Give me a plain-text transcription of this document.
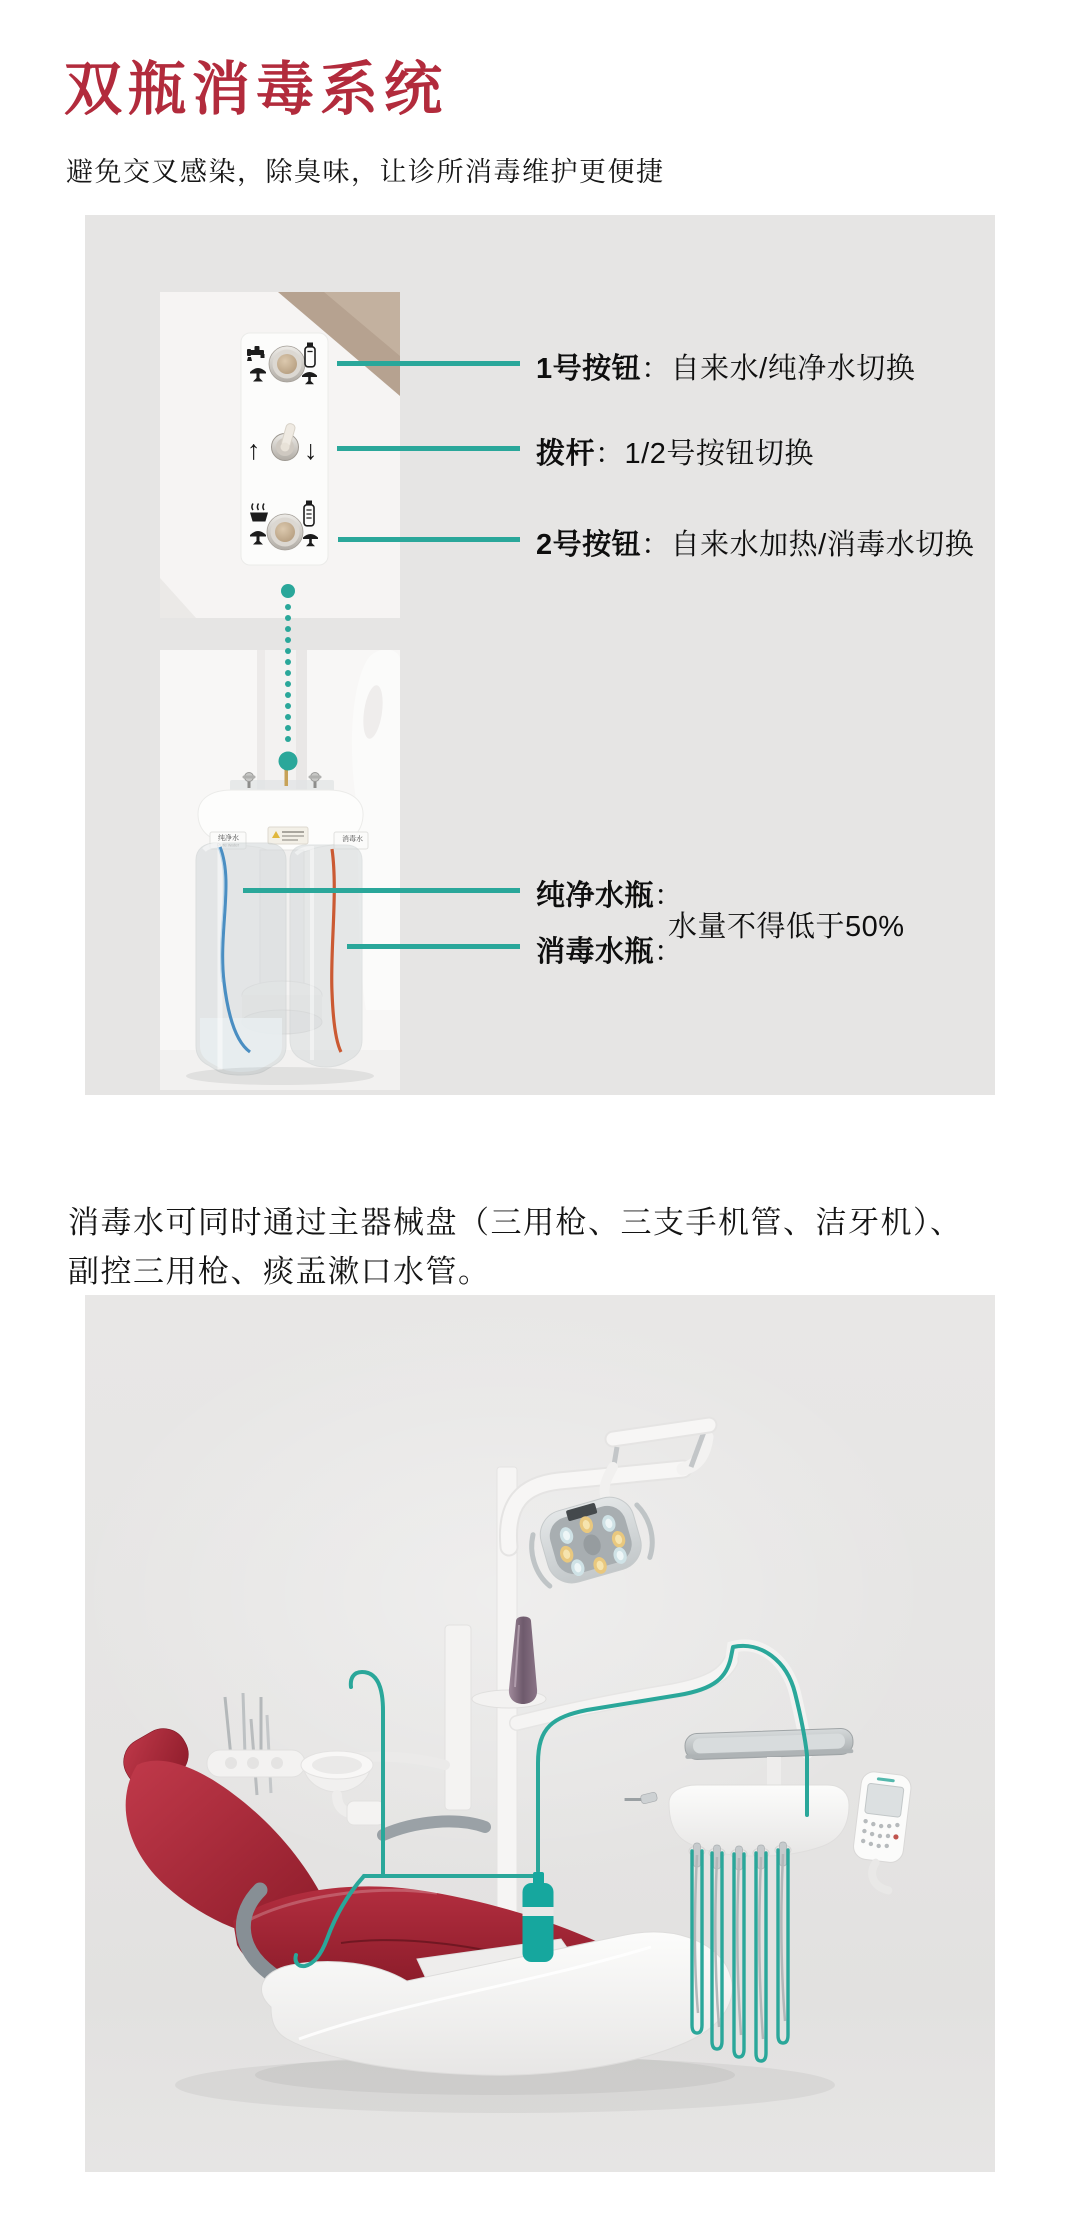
双瓶消毒系统
避免交叉感染，除臭味，让诊所消毒维护更便捷
↑ ↓
纯净水	消毒水
1号按钮：自来水/纯净水切换
拨杆：1/2号按钮切换
2号按钮：自来水加热/消毒水切换
纯净水瓶：
水量不得低于50%
消毒水瓶：

消毒水可同时通过主器械盘（三用枪、三支手机管、洁牙机）、
副控三用枪、痰盂漱口水管。
